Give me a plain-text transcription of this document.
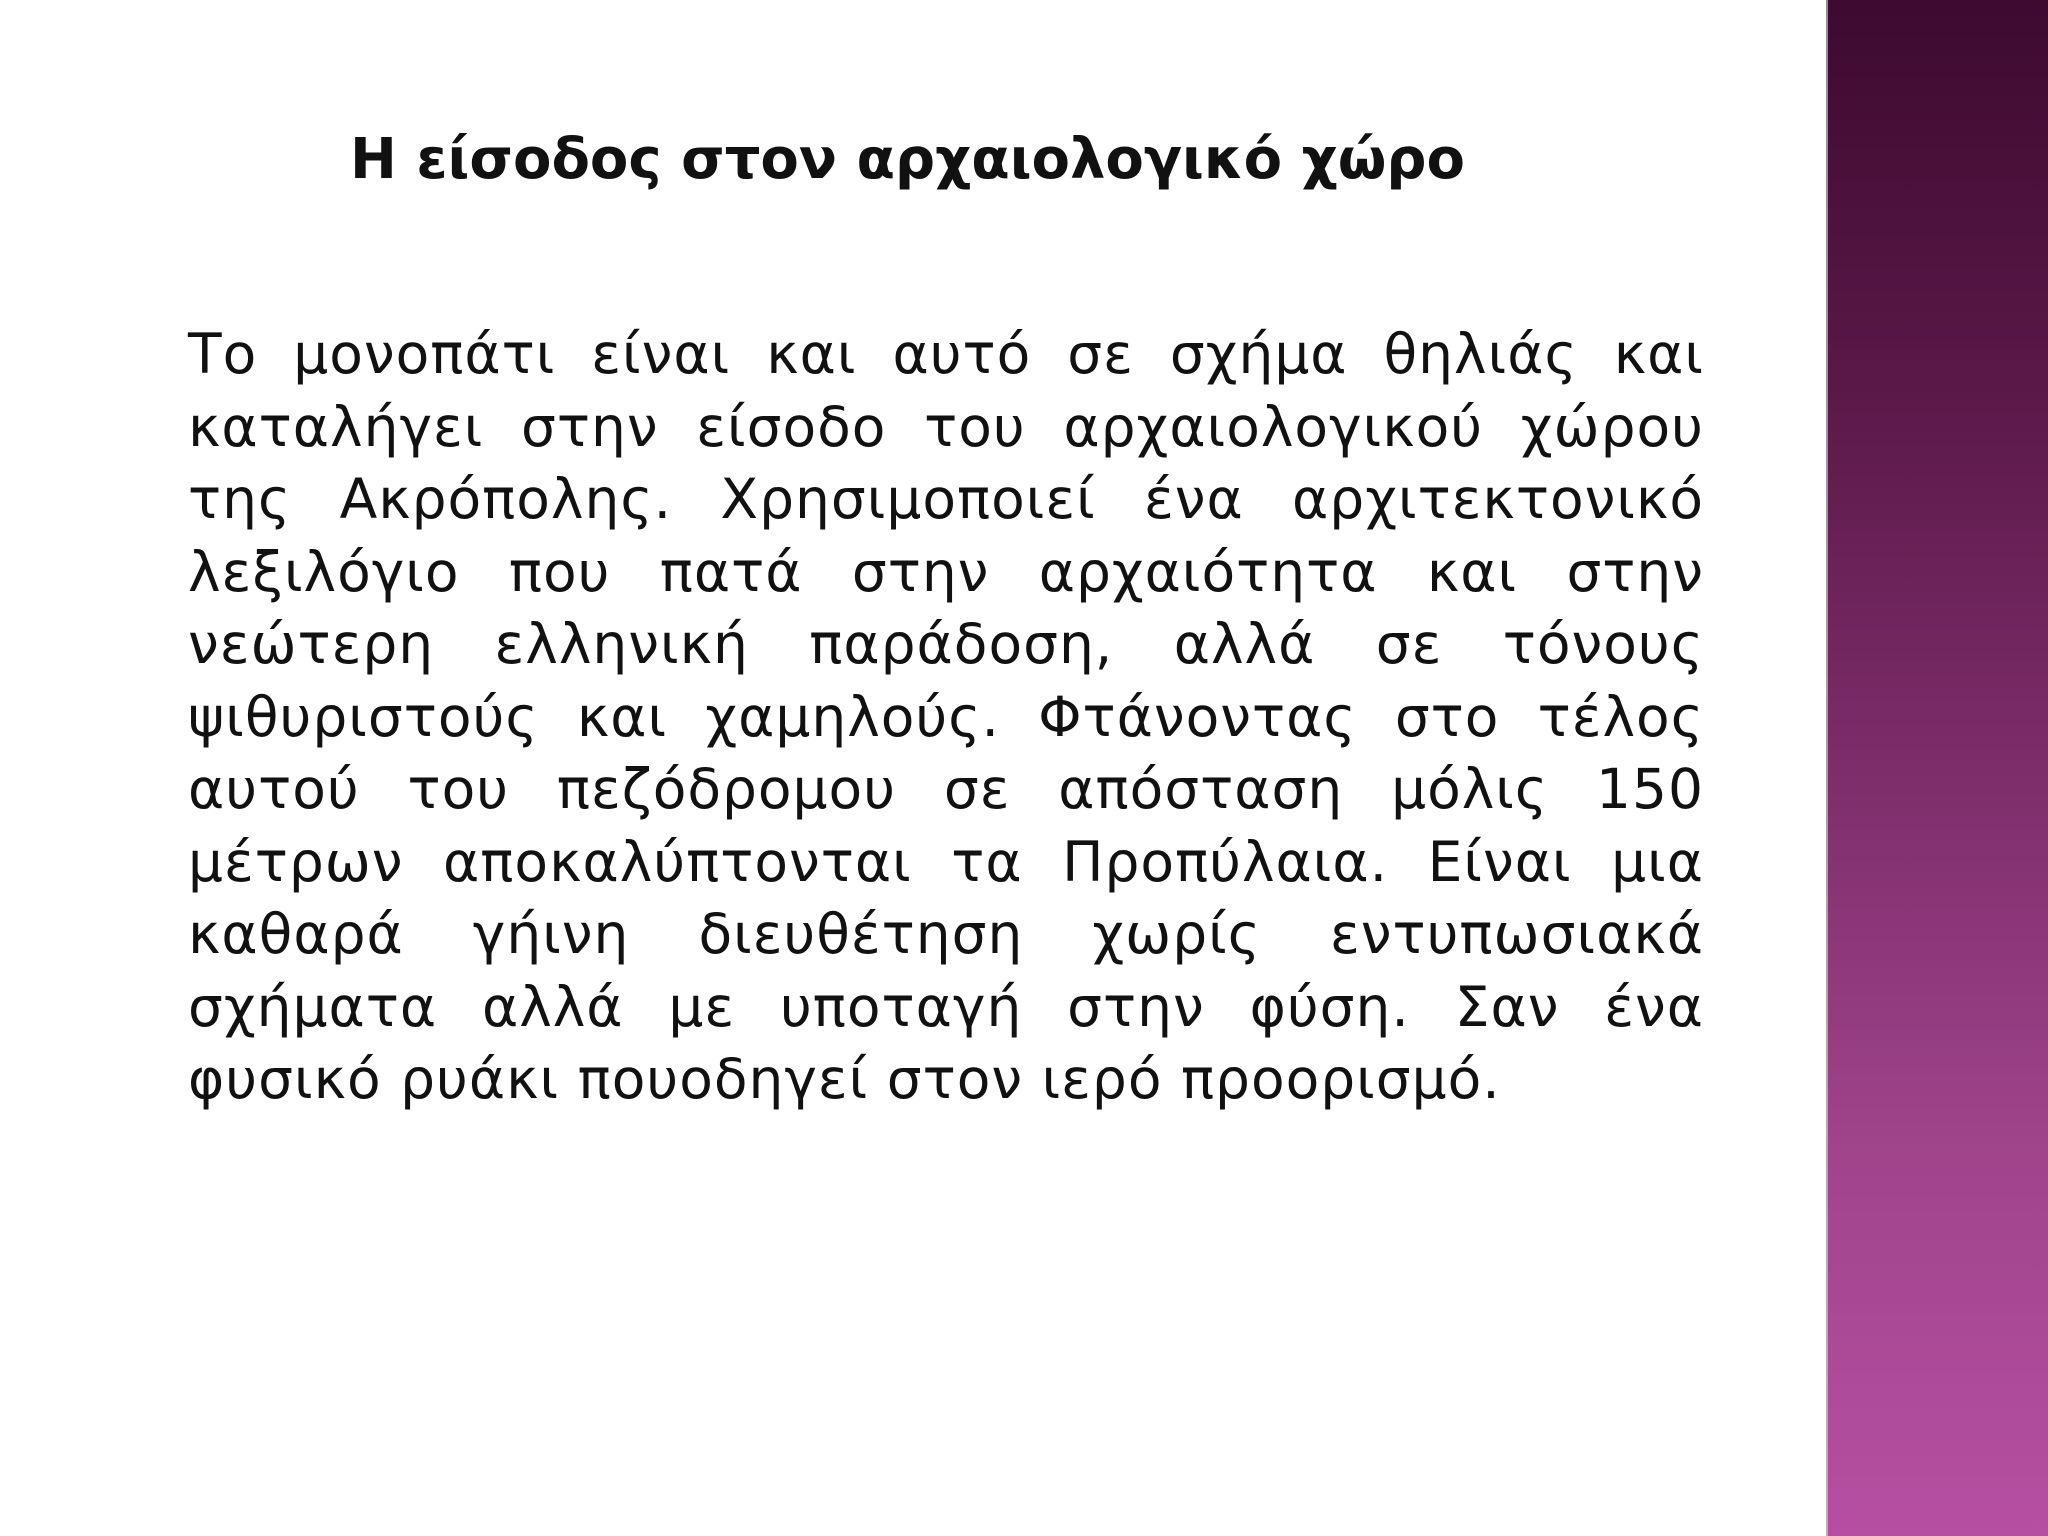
Η είσοδος στον αρχαιολογικό χώρο

Το μονοπάτι είναι και αυτό σε σχήμα θηλιάς και καταλήγει στην είσοδο του αρχαιολογικού χώρου της Ακρόπολης. Χρησιμοποιεί ένα αρχιτεκτονικό λεξιλόγιο που πατά στην αρχαιότητα και στην νεώτερη ελληνική παράδοση, αλλά σε τόνους ψιθυριστούς και χαμηλούς. Φτάνοντας στο τέλος αυτού του πεζόδρομου σε απόσταση μόλις 150 μέτρων αποκαλύπτονται τα Προπύλαια. Είναι μια καθαρά γήινη διευθέτηση χωρίς εντυπωσιακά σχήματα αλλά με υποταγή στην φύση. Σαν ένα φυσικό ρυάκι πουοδηγεί στον ιερό προορισμό.
